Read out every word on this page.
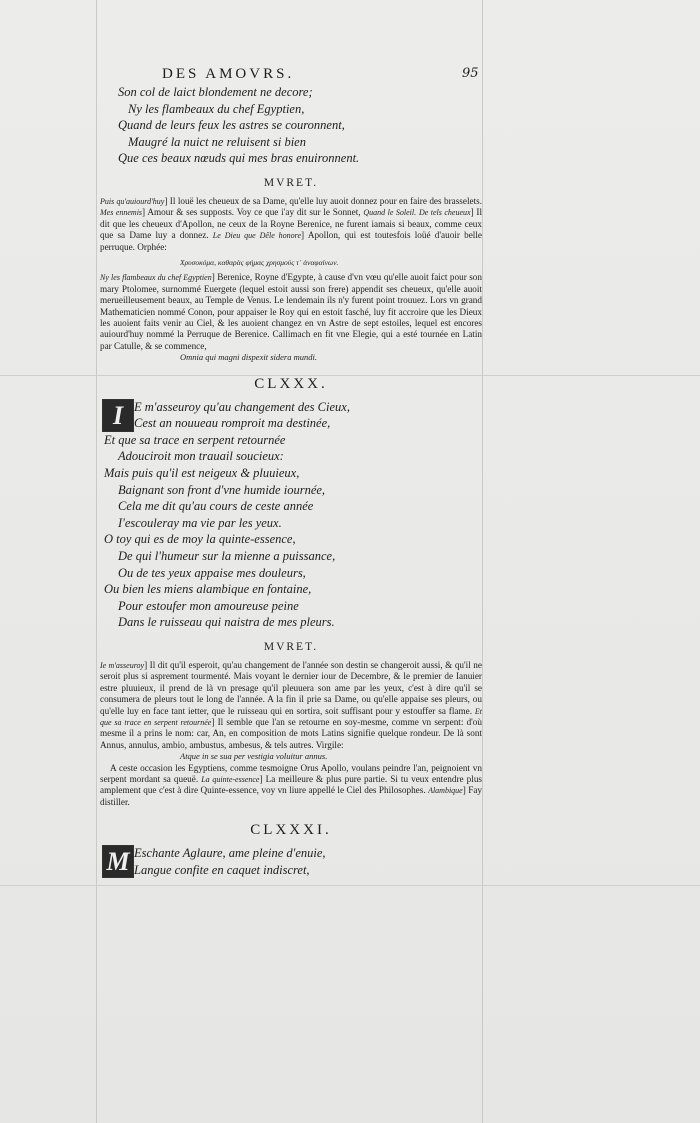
DES AMOVRS.	95
Son col de laict blondement ne decore;
Ny les flambeaux du chef Egyptien,
Quand de leurs feux les astres se couronnent,
Maugré la nuict ne reluisent si bien
Que ces beaux nœuds qui mes bras enuironnent.
MVRET.

Puis qu'auiourd'huy] Il louë les cheueux de sa Dame, qu'elle luy auoit donnez pour en faire des brasselets. Mes ennemis] Amour & ses supposts. Voy ce que i'ay dit sur le Sonnet, Quand le Soleil. De tels cheueux] Il dit que les cheueux d'Apollon, ne ceux de la Royne Berenice, ne furent iamais si beaux, comme ceux que sa Dame luy a donnez. Le Dieu que Dêle honore] Apollon, qui est toutesfois loüé d'auoir belle perruque. Orphée:

Χρυσοκόμα, καθαρὰς φήμας χρησμούς τ᾽ ἀναφαίνων.

Ny les flambeaux du chef Egyptien] Berenice, Royne d'Egypte, à cause d'vn vœu qu'elle auoit faict pour son mary Ptolomee, surnommé Euergete (lequel estoit aussi son frere) appendit ses cheueux, qu'elle auoit merueilleusement beaux, au Temple de Venus. Le lendemain ils n'y furent point trouuez. Lors vn grand Mathematicien nommé Conon, pour appaiser le Roy qui en estoit fasché, luy fit accroire que les Dieux les auoient faits venir au Ciel, & les auoient changez en vn Astre de sept estoiles, lequel est encores auiourd'huy nommé la Perruque de Berenice. Callimach en fit vne Elegie, qui a esté tournée en Latin par Catulle, & se commence,

Omnia qui magni dispexit sidera mundi.
CLXXX.
I E m'asseuroy qu'au changement des Cieux,
Cest an nouueau romproit ma destinée,
Et que sa trace en serpent retournée
Adouciroit mon trauail soucieux:
Mais puis qu'il est neigeux & pluuieux,
Baignant son front d'vne humide iournée,
Cela me dit qu'au cours de ceste année
I'escouleray ma vie par les yeux.
O toy qui es de moy la quinte-essence,
De qui l'humeur sur la mienne a puissance,
Ou de tes yeux appaise mes douleurs,
Ou bien les miens alambique en fontaine,
Pour estoufer mon amoureuse peine
Dans le ruisseau qui naistra de mes pleurs.
MVRET.

Ie m'asseuroy] Il dit qu'il esperoit, qu'au changement de l'année son destin se changeroit aussi, & qu'il ne seroit plus si asprement tourmenté. Mais voyant le dernier iour de Decembre, & le premier de Ianuier estre pluuieux, il prend de là vn presage qu'il pleuuera son ame par les yeux, c'est à dire qu'il se consumera de pleurs tout le long de l'année. A la fin il prie sa Dame, ou qu'elle appaise ses pleurs, ou qu'elle luy en face tant ietter, que le ruisseau qui en sortira, soit suffisant pour y estouffer sa flame. Et que sa trace en serpent retournée] Il semble que l'an se retourne en soy-mesme, comme vn serpent: d'où mesme il a prins le nom: car, An, en composition de mots Latins signifie quelque rondeur. De là sont Annus, annulus, ambio, ambustus, ambesus, & tels autres. Virgile:

Atque in se sua per vestigia voluitur annus.

A ceste occasion les Egyptiens, comme tesmoigne Orus Apollo, voulans peindre l'an, peignoient vn serpent mordant sa queuë. La quinte-essence] La meilleure & plus pure partie. Si tu veux entendre plus amplement que c'est à dire Quinte-essence, voy vn liure appellé le Ciel des Philosophes. Alambique] Fay distiller.

CLXXXI.
M Eschante Aglaure, ame pleine d'enuie,
Langue confite en caquet indiscret,
